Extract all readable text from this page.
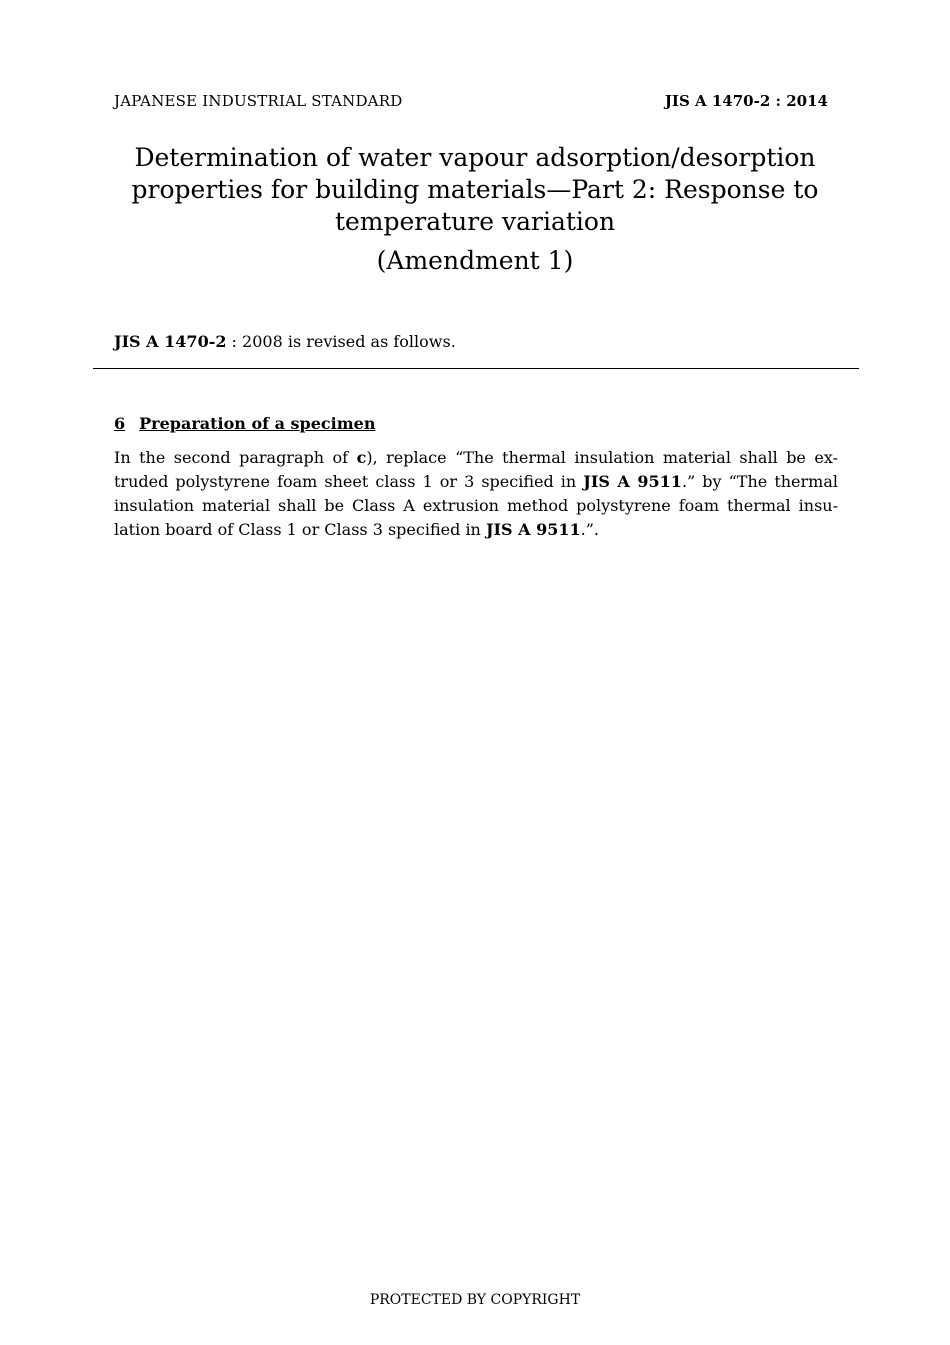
JAPANESE INDUSTRIAL STANDARD	JIS A 1470-2 : 2014
Determination of water vapour adsorption/desorption
properties for building materials—Part 2: Response to
temperature variation
(Amendment 1)
JIS A 1470-2 : 2008 is revised as follows.
6 Preparation of a specimen
In the second paragraph of c), replace “The thermal insulation material shall be ex-
truded polystyrene foam sheet class 1 or 3 specified in JIS A 9511.” by “The thermal
insulation material shall be Class A extrusion method polystyrene foam thermal insu-
lation board of Class 1 or Class 3 specified in JIS A 9511.”.
PROTECTED BY COPYRIGHT
